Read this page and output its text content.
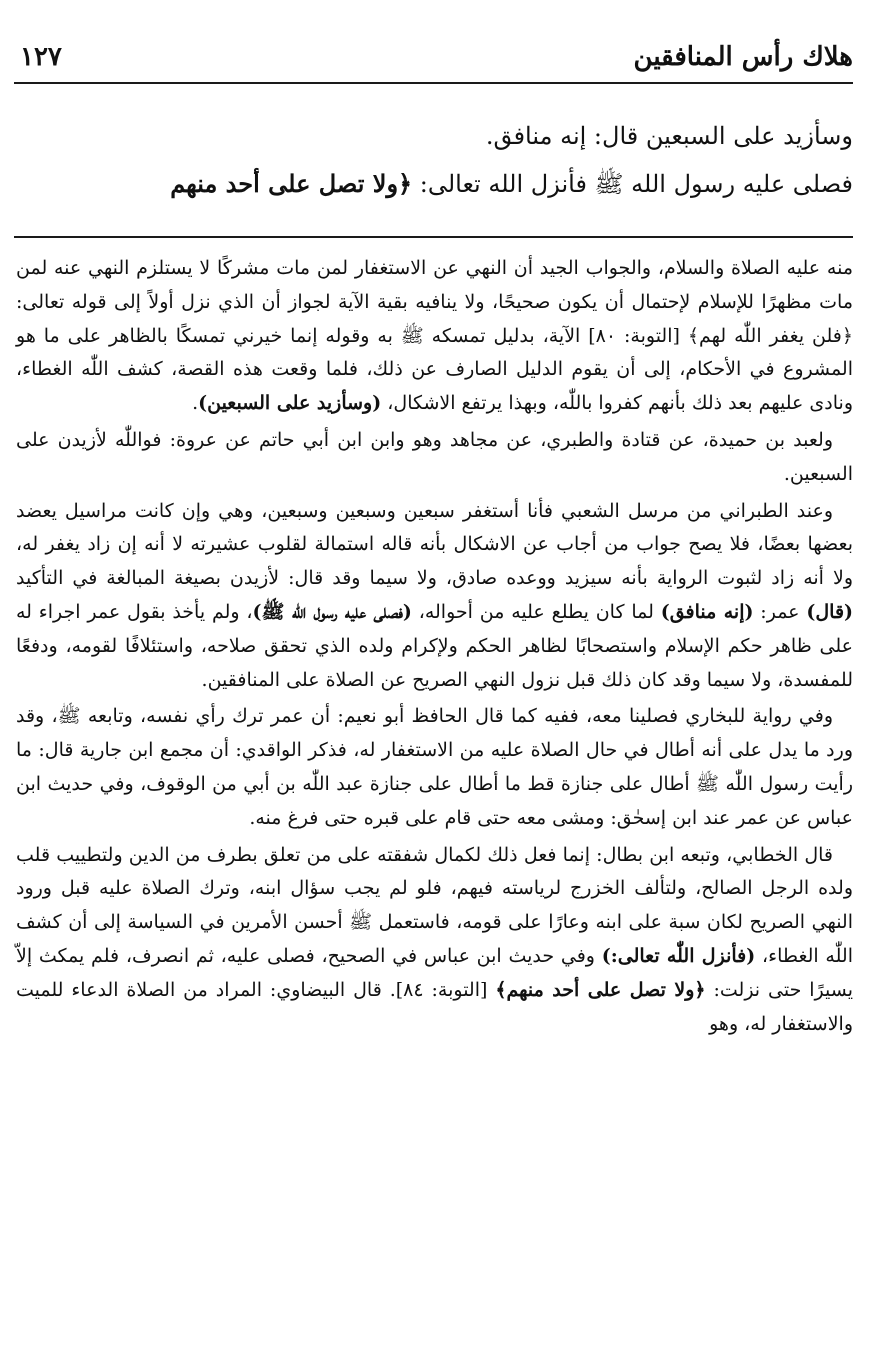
هلاك رأس المنافقين
١٢٧

وسأزيد على السبعين قال: إنه منافق.

فصلى عليه رسول الله ﷺ فأنزل الله تعالى: ﴿ولا تصل على أحد منهم

منه عليه الصلاة والسلام، والجواب الجيد أن النهي عن الاستغفار لمن مات مشركًا لا يستلزم النهي عنه لمن مات مظهرًا للإسلام لإحتمال أن يكون صحيحًا، ولا ينافيه بقية الآية لجواز أن الذي نزل أولاً إلى قوله تعالى: ﴿فلن يغفر اللّٰه لهم﴾ [التوبة: ٨٠] الآية، بدليل تمسكه ﷺ به وقوله إنما خيرني تمسكًا بالظاهر على ما هو المشروع في الأحكام، إلى أن يقوم الدليل الصارف عن ذلك، فلما وقعت هذه القصة، كشف اللّٰه الغطاء، ونادى عليهم بعد ذلك بأنهم كفروا باللّٰه، وبهذا يرتفع الاشكال، (وسأزيد على السبعين).

ولعبد بن حميدة، عن قتادة والطبري، عن مجاهد وهو وابن ابن أبي حاتم عن عروة: فواللّٰه لأزيدن على السبعين.

وعند الطبراني من مرسل الشعبي فأنا أستغفر سبعين وسبعين وسبعين، وهي وإن كانت مراسيل يعضد بعضها بعضًا، فلا يصح جواب من أجاب عن الاشكال بأنه قاله استمالة لقلوب عشيرته لا أنه إن زاد يغفر له، ولا أنه زاد لثبوت الرواية بأنه سيزيد ووعده صادق، ولا سيما وقد قال: لأزيدن بصيغة المبالغة في التأكيد (قال) عمر: (إنه منافق) لما كان يطلع عليه من أحواله، (فصلى عليه رسول اللّٰه ﷺ)، ولم يأخذ بقول عمر اجراء له على ظاهر حكم الإسلام واستصحابًا لظاهر الحكم ولإكرام ولده الذي تحقق صلاحه، واستئلافًا لقومه، ودفعًا للمفسدة، ولا سيما وقد كان ذلك قبل نزول النهي الصريح عن الصلاة على المنافقين.

وفي رواية للبخاري فصلينا معه، ففيه كما قال الحافظ أبو نعيم: أن عمر ترك رأي نفسه، وتابعه ﷺ، وقد ورد ما يدل على أنه أطال في حال الصلاة عليه من الاستغفار له، فذكر الواقدي: أن مجمع ابن جارية قال: ما رأيت رسول اللّٰه ﷺ أطال على جنازة قط ما أطال على جنازة عبد اللّٰه بن أبي من الوقوف، وفي حديث ابن عباس عن عمر عند ابن إسحٰق: ومشى معه حتى قام على قبره حتى فرغ منه.

قال الخطابي، وتبعه ابن بطال: إنما فعل ذلك لكمال شفقته على من تعلق بطرف من الدين ولتطييب قلب ولده الرجل الصالح، ولتألف الخزرج لرياسته فيهم، فلو لم يجب سؤال ابنه، وترك الصلاة عليه قبل ورود النهي الصريح لكان سبة على ابنه وعارًا على قومه، فاستعمل ﷺ أحسن الأمرين في السياسة إلى أن كشف اللّٰه الغطاء، (فأنزل اللّٰه تعالى:) وفي حديث ابن عباس في الصحيح، فصلى عليه، ثم انصرف، فلم يمكث إلاّ يسيرًا حتى نزلت: ﴿ولا تصل على أحد منهم﴾ [التوبة: ٨٤]. قال البيضاوي: المراد من الصلاة الدعاء للميت والاستغفار له، وهو
